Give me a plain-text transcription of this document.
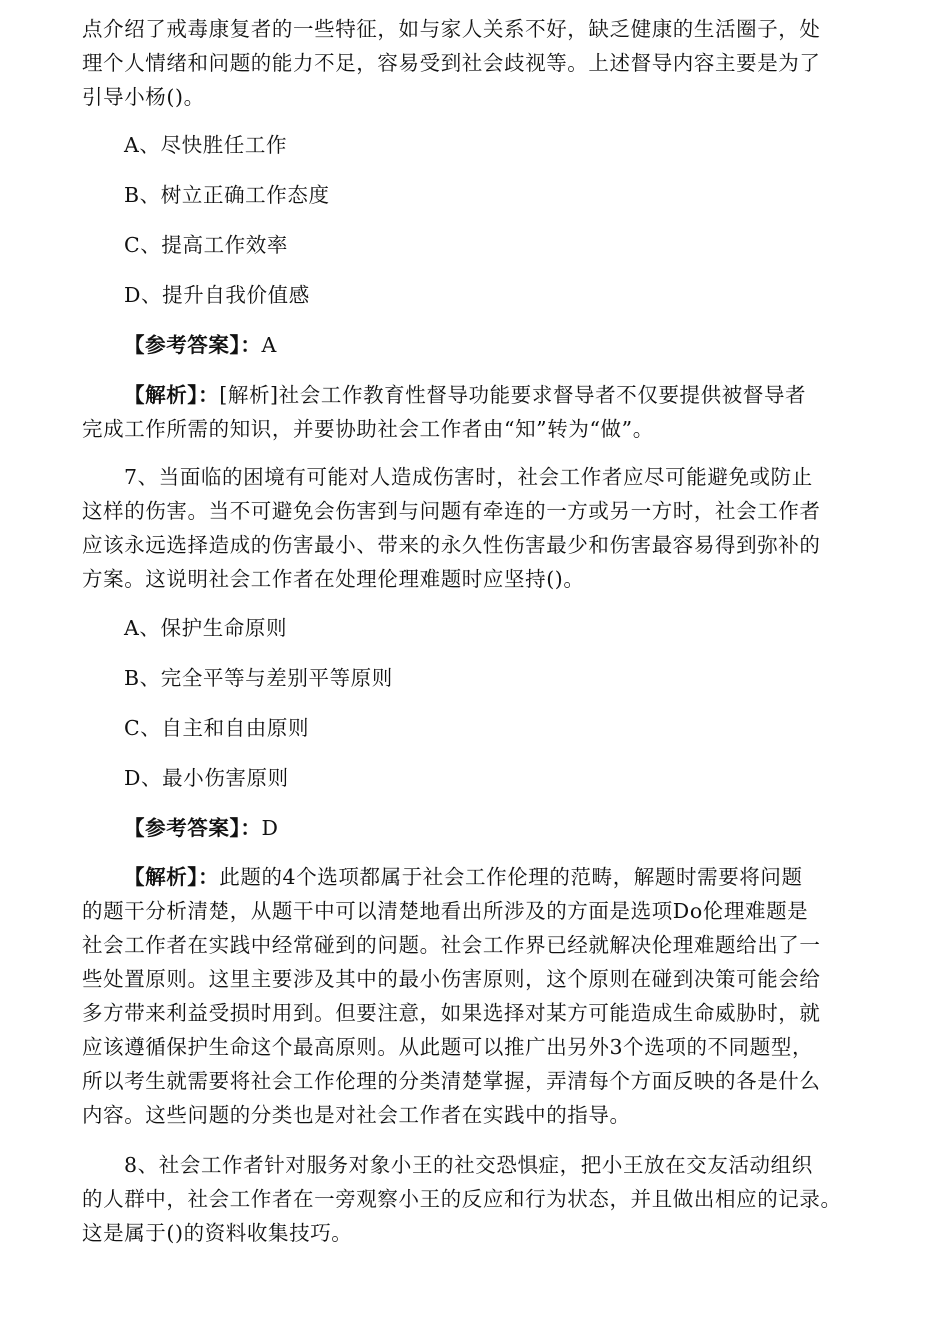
点介绍了戒毒康复者的一些特征，如与家人关系不好，缺乏健康的生活圈子，处
理个人情绪和问题的能力不足，容易受到社会歧视等。上述督导内容主要是为了
引导小杨()。
A、尽快胜任工作
B、树立正确工作态度
C、提高工作效率
D、提升自我价值感
【参考答案】：A
【解析】：[解析]社会工作教育性督导功能要求督导者不仅要提供被督导者
完成工作所需的知识，并要协助社会工作者由“知”转为“做”。
7、当面临的困境有可能对人造成伤害时，社会工作者应尽可能避免或防止
这样的伤害。当不可避免会伤害到与问题有牵连的一方或另一方时，社会工作者
应该永远选择造成的伤害最小、带来的永久性伤害最少和伤害最容易得到弥补的
方案。这说明社会工作者在处理伦理难题时应坚持()。
A、保护生命原则
B、完全平等与差别平等原则
C、自主和自由原则
D、最小伤害原则
【参考答案】：D
【解析】：此题的4个选项都属于社会工作伦理的范畴，解题时需要将问题
的题干分析清楚，从题干中可以清楚地看出所涉及的方面是选项Do伦理难题是
社会工作者在实践中经常碰到的问题。社会工作界已经就解决伦理难题给出了一
些处置原则。这里主要涉及其中的最小伤害原则，这个原则在碰到决策可能会给
多方带来利益受损时用到。但要注意，如果选择对某方可能造成生命威胁时，就
应该遵循保护生命这个最高原则。从此题可以推广出另外3个选项的不同题型，
所以考生就需要将社会工作伦理的分类清楚掌握，弄清每个方面反映的各是什么
内容。这些问题的分类也是对社会工作者在实践中的指导。
8、社会工作者针对服务对象小王的社交恐惧症，把小王放在交友活动组织
的人群中，社会工作者在一旁观察小王的反应和行为状态，并且做出相应的记录。
这是属于()的资料收集技巧。
